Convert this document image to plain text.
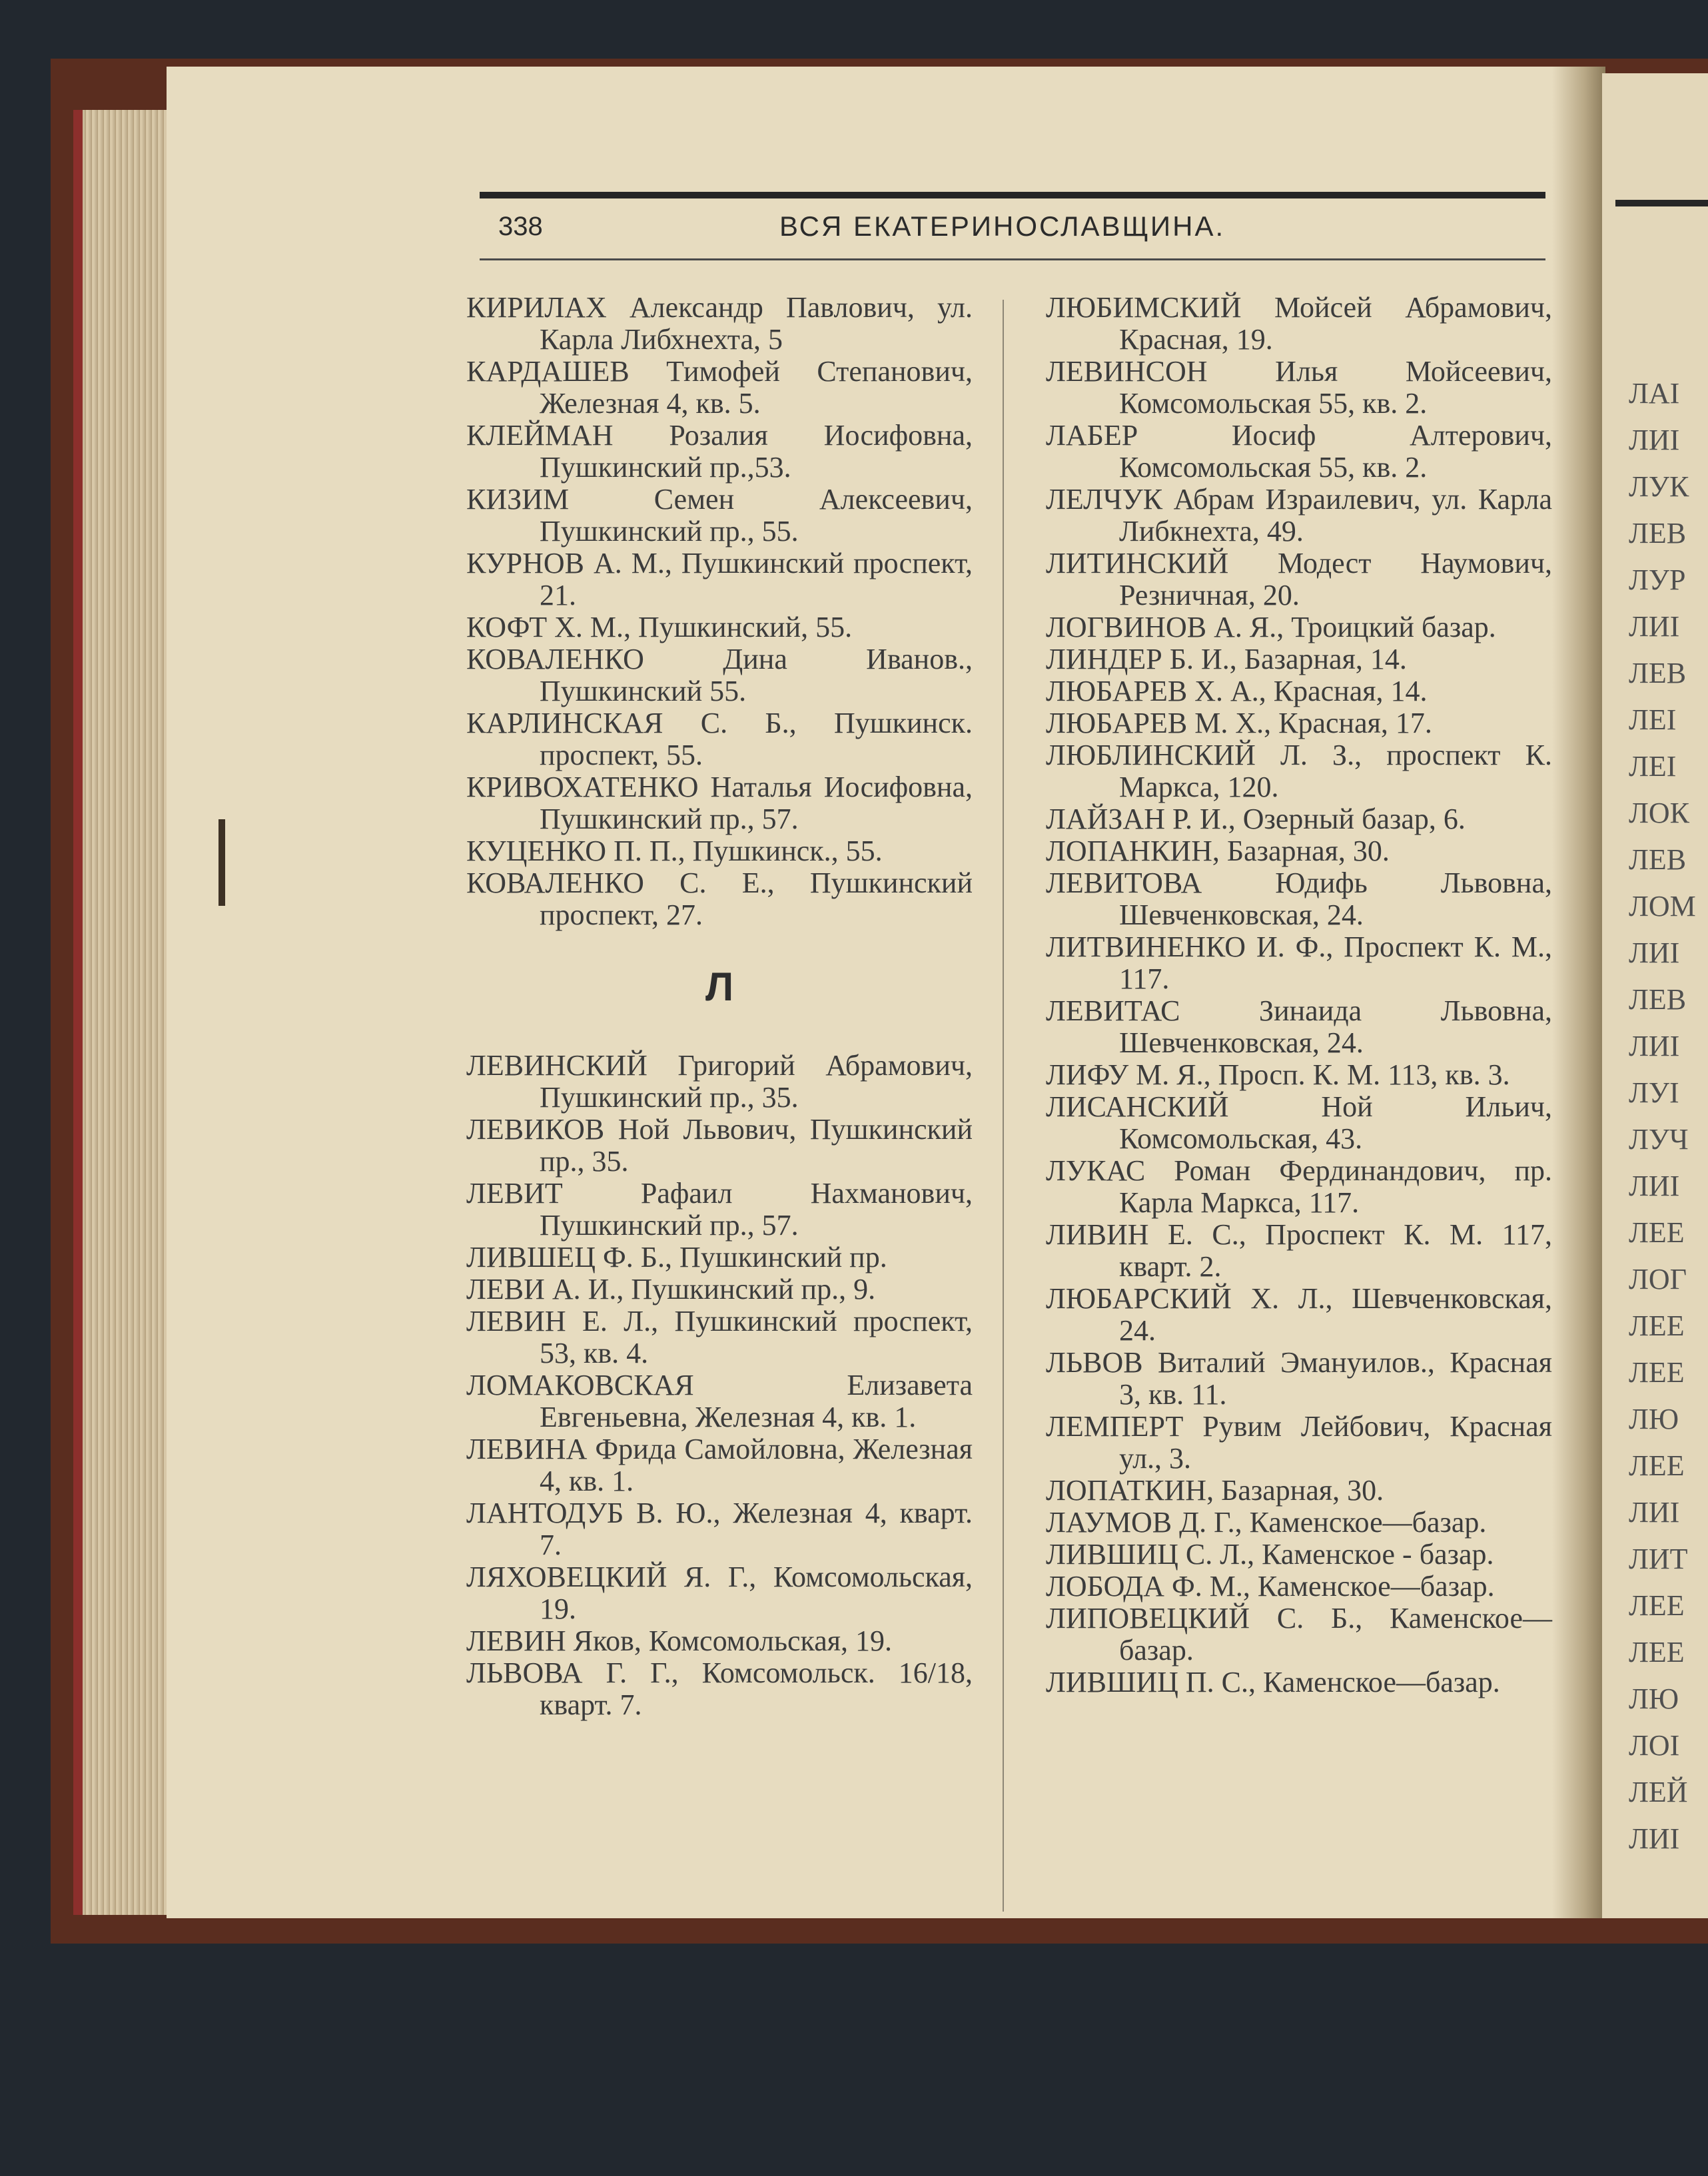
ЛАІ
ЛИІ
ЛУК
ЛЕВ
ЛУР
ЛИІ
ЛЕВ
ЛЕІ
ЛЕІ
ЛОК
ЛЕВ
ЛОМ
ЛИІ
ЛЕВ
ЛИІ
ЛУІ
ЛУЧ
ЛИІ
ЛЕЕ
ЛОГ
ЛЕЕ
ЛЕЕ
ЛЮ
ЛЕЕ
ЛИІ
ЛИТ
ЛЕЕ
ЛЕЕ
ЛЮ
ЛОІ
ЛЕЙ
ЛИІ
338	ВСЯ ЕКАТЕРИНОСЛАВЩИНА.

КИРИЛАХ Александр Павлович, ул. Карла Либхнехта, 5

КАРДАШЕВ Тимофей Степанович, Железная 4, кв. 5.

КЛЕЙМАН Розалия Иосифовна, Пушкинский пр.,53.

КИЗИМ Семен Алексеевич, Пушкинский пр., 55.

КУРНОВ А. М., Пушкинский проспект, 21.

КОФТ Х. М., Пушкинский, 55.

КОВАЛЕНКО Дина Иванов., Пушкинский 55.

КАРЛИНСКАЯ С. Б., Пушкинск. проспект, 55.

КРИВОХАТЕНКО Наталья Иосифовна, Пушкинский пр., 57.

КУЦЕНКО П. П., Пушкинск., 55.

КОВАЛЕНКО С. Е., Пушкинский проспект, 27.

Л

ЛЕВИНСКИЙ Григорий Абрамович, Пушкинский пр., 35.

ЛЕВИКОВ Ной Львович, Пушкинский пр., 35.

ЛЕВИТ Рафаил Нахманович, Пушкинский пр., 57.

ЛИВШЕЦ Ф. Б., Пушкинский пр.

ЛЕВИ А. И., Пушкинский пр., 9.

ЛЕВИН Е. Л., Пушкинский проспект, 53, кв. 4.

ЛОМАКОВСКАЯ Елизавета Евгеньевна, Железная 4, кв. 1.

ЛЕВИНА Фрида Самойловна, Железная 4, кв. 1.

ЛАНТОДУБ В. Ю., Железная 4, кварт. 7.

ЛЯХОВЕЦКИЙ Я. Г., Комсомольская, 19.

ЛЕВИН Яков, Комсомольская, 19.

ЛЬВОВА Г. Г., Комсомольск. 16/18, кварт. 7.

ЛЮБИМСКИЙ Мойсей Абрамович, Красная, 19.

ЛЕВИНСОН Илья Мойсеевич, Комсомольская 55, кв. 2.

ЛАБЕР Иосиф Алтерович, Комсомольская 55, кв. 2.

ЛЕЛЧУК Абрам Израилевич, ул. Карла Либкнехта, 49.

ЛИТИНСКИЙ Модест Наумович, Резничная, 20.

ЛОГВИНОВ А. Я., Троицкий базар.

ЛИНДЕР Б. И., Базарная, 14.

ЛЮБАРЕВ Х. А., Красная, 14.

ЛЮБАРЕВ М. Х., Красная, 17.

ЛЮБЛИНСКИЙ Л. З., проспект К. Маркса, 120.

ЛАЙЗАН Р. И., Озерный базар, 6.

ЛОПАНКИН, Базарная, 30.

ЛЕВИТОВА Юдифь Львовна, Шевченковская, 24.

ЛИТВИНЕНКО И. Ф., Проспект К. М., 117.

ЛЕВИТАС Зинаида Львовна, Шевченковская, 24.

ЛИФУ М. Я., Просп. К. М. 113, кв. 3.

ЛИСАНСКИЙ Ной Ильич, Комсомольская, 43.

ЛУКАС Роман Фердинандович, пр. Карла Маркса, 117.

ЛИВИН Е. С., Проспект К. М. 117, кварт. 2.

ЛЮБАРСКИЙ Х. Л., Шевченковская, 24.

ЛЬВОВ Виталий Эмануилов., Красная 3, кв. 11.

ЛЕМПЕРТ Рувим Лейбович, Красная ул., 3.

ЛОПАТКИН, Базарная, 30.

ЛАУМОВ Д. Г., Каменское—базар.

ЛИВШИЦ С. Л., Каменское - базар.

ЛОБОДА Ф. М., Каменское—базар.

ЛИПОВЕЦКИЙ С. Б., Каменское—базар.

ЛИВШИЦ П. С., Каменское—базар.
